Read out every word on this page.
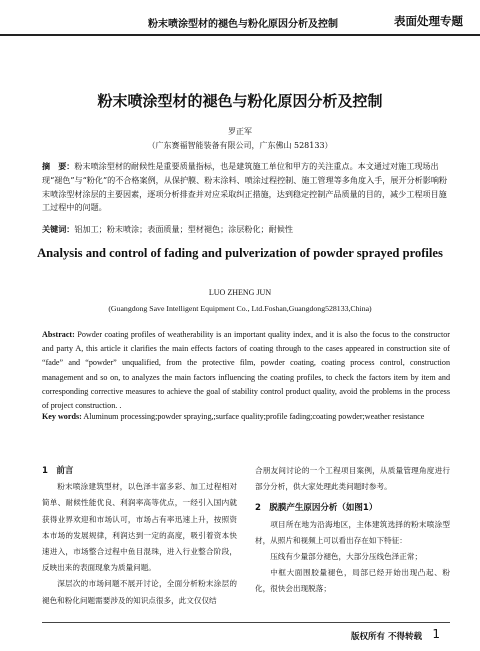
粉末喷涂型材的褪色与粉化原因分析及控制	表面处理专题
粉末喷涂型材的褪色与粉化原因分析及控制
罗正军
（广东赛福智能装备有限公司，广东佛山 528133）
摘　要：粉末喷涂型材的耐候性是重要质量指标，也是建筑施工单位和甲方的关注重点。本文通过对施工现场出现“褪色”与“粉化”的不合格案例，从保护膜、粉末涂料、喷涂过程控制、施工管理等多角度入手，展开分析影响粉末喷涂型材涂层的主要因素，逐项分析排查并对应采取纠正措施，达到稳定控制产品质量的目的，减少工程项目施工过程中的问题。
关键词：铝加工；粉末喷涂；表面质量；型材褪色；涂层粉化；耐候性
Analysis and control of fading and pulverization of powder sprayed profiles
LUO ZHENG JUN
(Guangdong Save Intelligent Equipment Co., Ltd.Foshan,Guangdong528133,China)
Abstract: Powder coating profiles of weatherability is an important quality index, and it is also the focus to the constructor and party A, this article it clarifies the main effects factors of coating through to the cases appeared in construction site of “fade” and “powder” unqualified, from the protective film, powder coating, coating process control, construction management and so on, to analyzes the main factors influencing the coating profiles, to check the factors item by item and corresponding corrective measures to achieve the goal of stability control product quality, avoid the problems in the process of project construction. .
Key words: Aluminum processing;powder spraying,;surface quality;profile fading;coating powder;weather resistance
1　前言
粉末喷涂建筑型材，以色泽丰富多彩、加工过程相对简单、耐候性能优良、利润率高等优点，一经引入国内就获得业界欢迎和市场认可，市场占有率迅速上升，按照资本市场的发展规律，利润达到一定的高度，吸引着资本快速进入，市场整合过程中鱼目混珠，进入行业整合阶段，反映出来的表面现象为质量问题。
深层次的市场问题不展开讨论，全面分析粉末涂层的褪色和粉化问题需要涉及的知识点很多，此文仅仅结
合朋友间讨论的一个工程项目案例，从质量管理角度进行部分分析，供大家处理此类问题时参考。
2　脱膜产生原因分析（如图1）
项目所在地为沿海地区，主体建筑选择的粉末喷涂型材，从照片和视频上可以看出存在如下特征：
压线有少量部分褪色，大部分压线色泽正常；
中框大面围胶量褪色，局部已经开始出现凸起、粉化，很快会出现脱落；
版权所有 不得转载 1
